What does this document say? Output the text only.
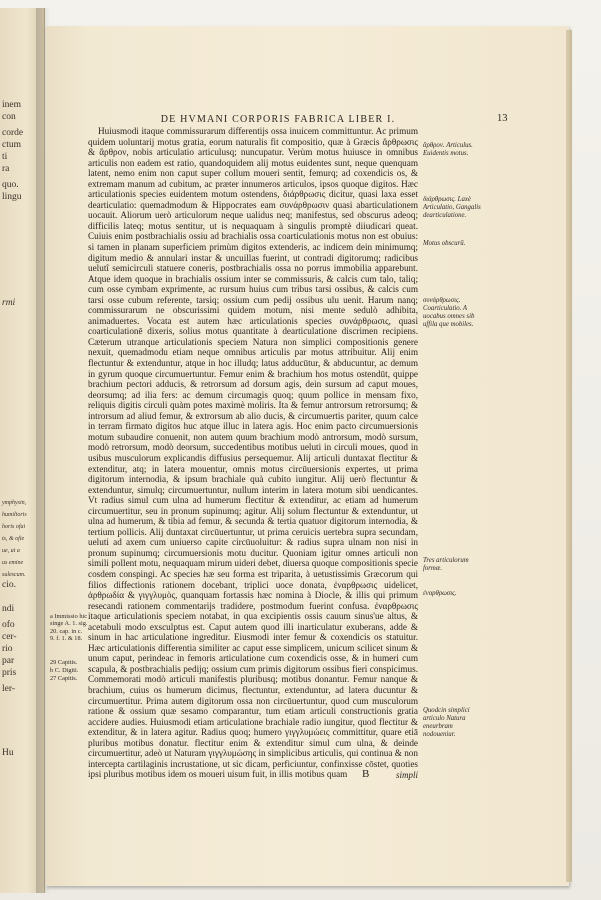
inem
con
corde
ctum
ti
ra
quo.
lingu
ymphysin,
humilioris
horis ofai
ts, & ofie
ue, ut a
us emine
sulescum.
cio.
ndi
ofo
cer-
rio
par
pris
ler-
Hu
rmi
DE HVMANI CORPORIS FABRICA LIBER I.	13

Huiusmodi itaque commissurarum differentijs ossa inuicem committuntur. Ac primum quidem uoluntarij motus gratia, eorum naturalis fit compositio, quæ à Græcis ἄρθρωσις & ἄρθρον, nobis articulatio articulusq; nuncupatur. Verùm motus huiusce in omnibus articulis non eadem est ratio, quandoquidem alij motus euidentes sunt, neque quenquam latent, nemo enim non caput super collum moueri sentit, femurq; ad coxendicis os, & extremam manum ad cubitum, ac præter innumeros articulos, ipsos quoque digitos. Hæc articulationis species euidentem motum ostendens, διάρθρωσις dicitur, quasi laxa esset dearticulatio: quemadmodum & Hippocrates eam συνάρθρωσιν quasi abarticulationem uocauit. Aliorum uerò articulorum neque ualidus neq; manifestus, sed obscurus adeoq; difficilis lateq; motus sentitur, ut is nequaquam à singulis promptè diiudicari queat. Cuiuis enim postbrachialis ossiu ad brachialis ossa coarticulationis motus non est obuius: si tamen in planam superficiem primùm digitos extenderis, ac indicem dein minimumq; digitum medio & annulari instar & uncuillas fuerint, ut contradi digitorumq; radicibus uelutî semicirculi statuere coneris, postbrachialis ossa no porrus immobilia apparebunt. Atque idem quoque in brachialis ossium inter se commissuris, & calcis cum talo, taliq; cum osse cymbam exprimente, ac rursum huius cum tribus tarsi ossibus, & calcis cum tarsi osse cubum referente, tarsiq; ossium cum pedij ossibus ulu uenit. Harum nanq; commissurarum ne obscurissimi quidem motum, nisi mente sedulò adhibita, animaduertes. Vocata est autem hæc articulationis species συνάρθρωσις, quasi coarticulationē dixeris, solius motus quantitate à dearticulatione discrimen recipiens. Cæterum utranque articulationis speciem Natura non simplici compositionis genere nexuit, quemadmodu etiam neque omnibus articulis par motus attribuitur. Alij enim flectuntur & extenduntur, atque in hoc illudq; latus adducūtur, & abducuntur, ac demum in gyrum quoque circumuertuntur. Femur enim & brachium hos motus ostendūt, quippe brachium pectori adducis, & retrorsum ad dorsum agis, dein sursum ad caput moues, deorsumq; ad ilia fers: ac demum circumagis quoq; quum pollice in mensam fixo, reliquis digitis circuli quàm potes maximè moliris. Ita & femur antrorsum retrorsumq; & introrsum ad aliud femur, & extrorsum ab alio ducis, & circumuertis pariter, quum calce in terram firmato digitos huc atque illuc in latera agis. Hoc enim pacto circumuersionis motum subaudire conuenit, non autem quum brachium modò antrorsum, modò sursum, modò retrorsum, modò deorsum, succedentibus motibus ueluti in circuli moues, quod in usibus musculorum explicandis diffusius persequemur. Alij articuli duntaxat flectitur & extenditur, atq; in latera mouentur, omnis motus circūuersionis expertes, ut prima digitorum internodia, & ipsum brachiale quà cubito iungitur. Alij uerò flectuntur & extenduntur, simulq; circumuertuntur, nullum interim in latera motum sibi uendicantes. Vt radius simul cum ulna ad humerum flectitur & extenditur, ac etiam ad humerum circumuertitur, seu in pronum supinumq; agitur. Alij solum flectuntur & extenduntur, ut ulna ad humerum, & tibia ad femur, & secunda & tertia quatuor digitorum internodia, & tertium pollicis. Alij duntaxat circūuertuntur, ut prima ceruicis uertebra supra secundam, ueluti ad axem cum uniuerso capite circūuoluitur: & radius supra ulnam non nisi in pronum supinumq; circumuersionis motu ducitur. Quoniam igitur omnes articuli non simili pollent motu, nequaquam mirum uideri debet, diuersa quoque compositionis specie cosdem conspingi. Ac species hæ seu forma est triparita, à uetustissimis Græcorum qui filios diffectionis rationem docebant, triplici uoce donata, ἐναρθρωσις uidelicet, ἀρθρωδία & γιγγλυμὸς, quanquam fortassis hæc nomina à Diocle, & illis qui primum resecandi rationem commentarijs tradidere, postmodum fuerint confusa. ἐναρθρωσις itaque articulationis speciem notabat, in qua excipientis ossis cauum sinus'ue altus, & acetabuli modo exsculptus est. Caput autem quod illi inarticulatur exuberans, adde & sinum in hac articulatione ingreditur. Eiusmodi inter femur & coxendicis os statuitur. Hæc articulationis differentia similiter ac caput esse simplicem, unicum scilicet sinum & unum caput, perindeac in femoris articulatione cum coxendicis osse, & in humeri cum scapula, & postbrachialis pedijq; ossium cum primis digitorum ossibus fieri conspicimus. Commemorati modò articuli manifestis pluribusq; motibus donantur. Femur nanque & brachium, cuius os humerum dicimus, flectuntur, extenduntur, ad latera ducuntur & circumuertitur. Prima autem digitorum ossa non circūuertuntur, quod cum musculorum ratione & ossium quæ sesamo comparantur, tum etiam articuli constructionis gratia accidere audies. Huiusmodi etiam articulatione brachiale radio iungitur, quod flectitur & extenditur, & in latera agitur. Radius quoq; humero γιγγλυμώεις committitur, quare etiā pluribus motibus donatur. flectitur enim & extenditur simul cum ulna, & deinde circumuertitur, adeò ut Naturam γιγγλυμώσης in simplicibus articulis, qui continua & non intercepta cartilaginis incrustatione, ut sic dicam, perficiuntur, confinxisse cōstet, quoties ipsi pluribus motibus idem os moueri uisum fuit, in illis motibus quam	B	simpli
ἄρθρον. Articulus. Euidentis motus.
διάρθρωσις. Laxè Articulatio, Gangalis dearticulatione.
Motus obscurū.
συνάρθρωσις. Coarticulatio. A uocabus omnes sib uffila que mobiles.
Tres articulorum formæ.
ἐναρθρωσις.
Quodcin simplici articulo Natura eneurbram nodoueniur.
a Immissio hic singe A. 1. sig. 20. cap. in c. 9. f. 1. & 18.
29 Capitis.
b C. Digiti.
27 Capitis.
